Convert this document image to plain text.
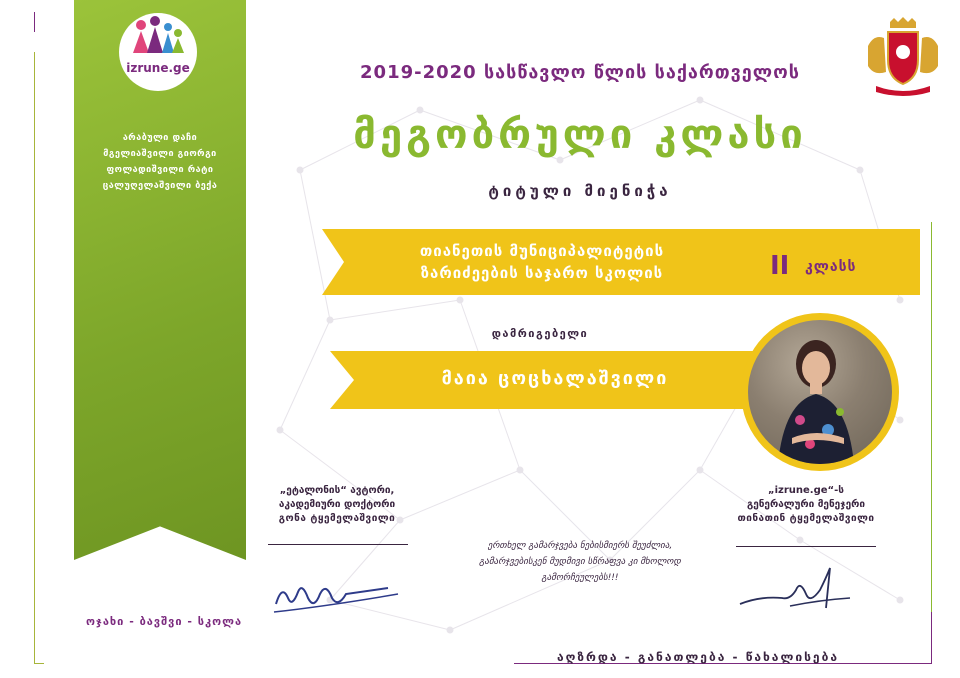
izrune.ge
არაბული დაჩი
მგელიაშვილი გიორგი
ფოლადიშვილი რატი
ცალუღელაშვილი ბექა
ოჯახი - ბავშვი - სკოლა
2019-2020 სასწავლო წლის საქართველოს
მეგობრული კლასი
ტიტული მიენიჭა
თიანეთის მუნიციპალიტეტის
ზარიძეების საჯარო სკოლის	II კლასს
დამრიგებელი
მაია ცოცხალაშვილი
„ეტალონის“ ავტორი,
აკადემიური დოქტორი
გონა ტყემელაშვილი
„izrune.ge“-ს
გენერალური მენეჯერი
თინათინ ტყემელაშვილი
ერთხელ გამარჯვება ნებისმიერს შეუძლია,
გამარჯვებისკენ მუდმივი სწრაფვა კი მხოლოდ გამორჩეულებს!!!
აღზრდა - განათლება - წახალისება
